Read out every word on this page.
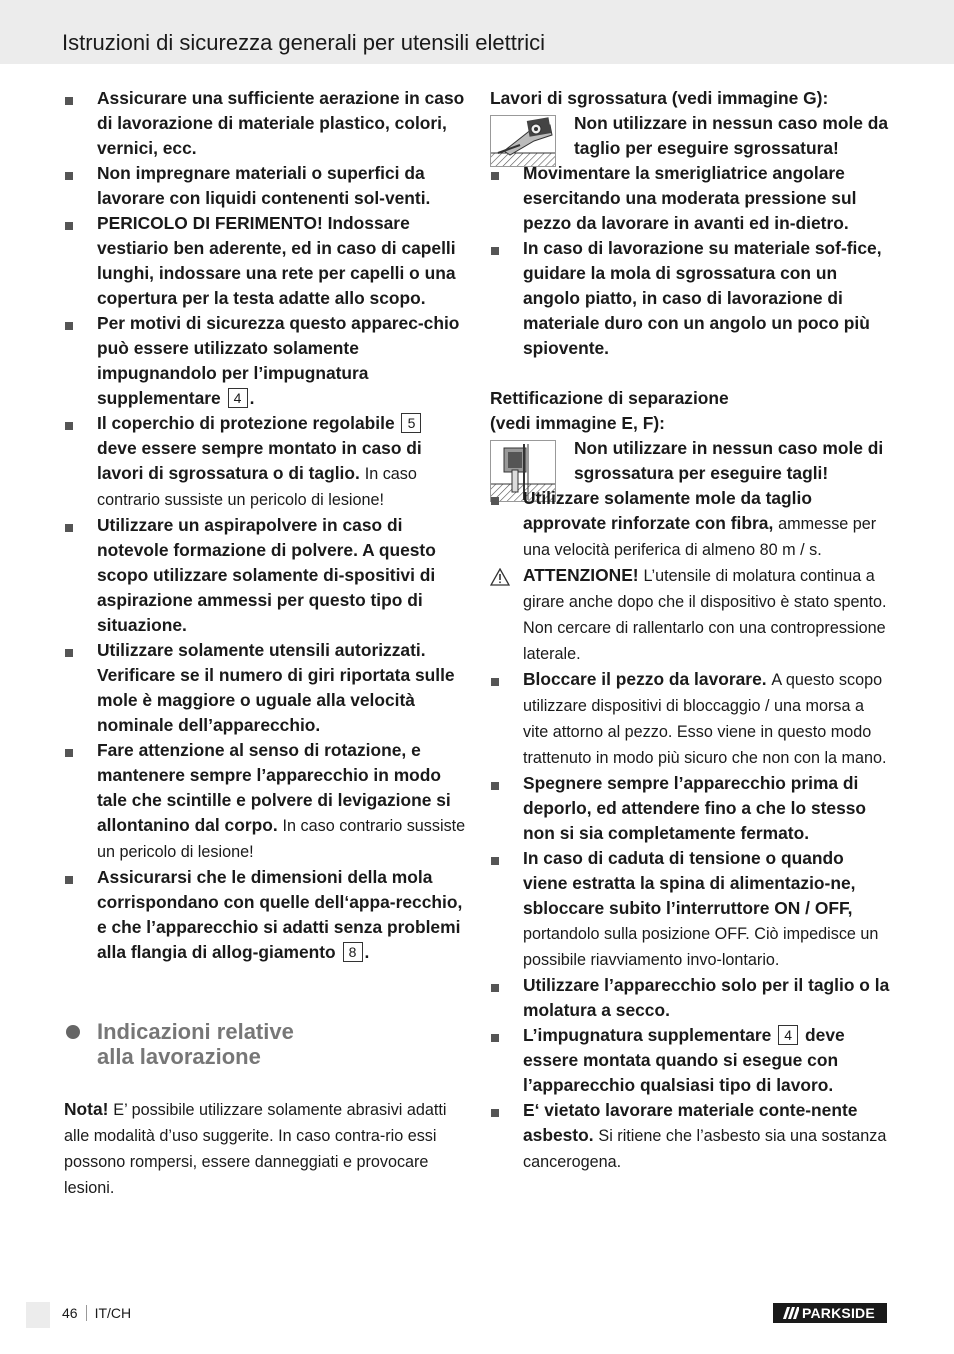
Istruzioni di sicurezza generali per utensili elettrici
Assicurare una sufficiente aerazione in caso di lavorazione di materiale plastico, colori, vernici, ecc.
Non impregnare materiali o superfici da lavorare con liquidi contenenti sol-venti.
PERICOLO DI FERIMENTO! Indossare vestiario ben aderente, ed in caso di capelli lunghi, indossare una rete per capelli o una copertura per la testa adatte allo scopo.
Per motivi di sicurezza questo apparec-chio può essere utilizzato solamente impugnandolo per l’impugnatura supplementare 4 .
Il coperchio di protezione regolabile 5 deve essere sempre montato in caso di lavori di sgrossatura o di taglio. In caso contrario sussiste un pericolo di lesione!
Utilizzare un aspirapolvere in caso di notevole formazione di polvere. A questo scopo utilizzare solamente di-spositivi di aspirazione ammessi per questo tipo di situazione.
Utilizzare solamente utensili autorizzati. Verificare se il numero di giri riportata sulle mole è maggiore o uguale alla velocità nominale dell’apparecchio.
Fare attenzione al senso di rotazione, e mantenere sempre l’apparecchio in modo tale che scintille e polvere di levigazione si allontanino dal corpo. In caso contrario sussiste un pericolo di lesione!
Assicurarsi che le dimensioni della mola corrispondano con quelle dell‘appa-recchio, e che l’apparecchio si adatti senza problemi alla flangia di allog-giamento 8 .
Indicazioni relative
alla lavorazione
Nota! E’ possibile utilizzare solamente abrasivi adatti alle modalità d’uso suggerite. In caso contra-rio essi possono rompersi, essere danneggiati e provocare lesioni.
Lavori di sgrossatura (vedi immagine G):
Non utilizzare in nessun caso mole da taglio per eseguire sgrossatura!
Movimentare la smerigliatrice angolare esercitando una moderata pressione sul pezzo da lavorare in avanti ed in-dietro.
In caso di lavorazione su materiale sof-fice, guidare la mola di sgrossatura con un angolo piatto, in caso di lavorazione di materiale duro con un angolo un poco più spiovente.
Rettificazione di separazione
(vedi immagine E, F):
Non utilizzare in nessun caso mole di sgrossatura per eseguire tagli!
Utilizzare solamente mole da taglio approvate rinforzate con fibra, ammesse per una velocità periferica di almeno 80 m / s.
ATTENZIONE! L’utensile di molatura continua a girare anche dopo che il dispositivo è stato spento. Non cercare di rallentarlo con una contropressione laterale.
Bloccare il pezzo da lavorare. A questo scopo utilizzare dispositivi di bloccaggio / una morsa a vite attorno al pezzo. Esso viene in questo modo trattenuto in modo più sicuro che non con la mano.
Spegnere sempre l’apparecchio prima di deporlo, ed attendere fino a che lo stesso non si sia completamente fermato.
In caso di caduta di tensione o quando viene estratta la spina di alimentazio-ne, sbloccare subito l’interruttore ON / OFF, portandolo sulla posizione OFF. Ciò impedisce un possibile riavviamento invo-lontario.
Utilizzare l’apparecchio solo per il taglio o la molatura a secco.
L’impugnatura supplementare 4 deve essere montata quando si esegue con l’apparecchio qualsiasi tipo di lavoro.
E‘ vietato lavorare materiale conte-nente asbesto. Si ritiene che l’asbesto sia una sostanza cancerogena.
46 IT/CH	PARKSIDE
